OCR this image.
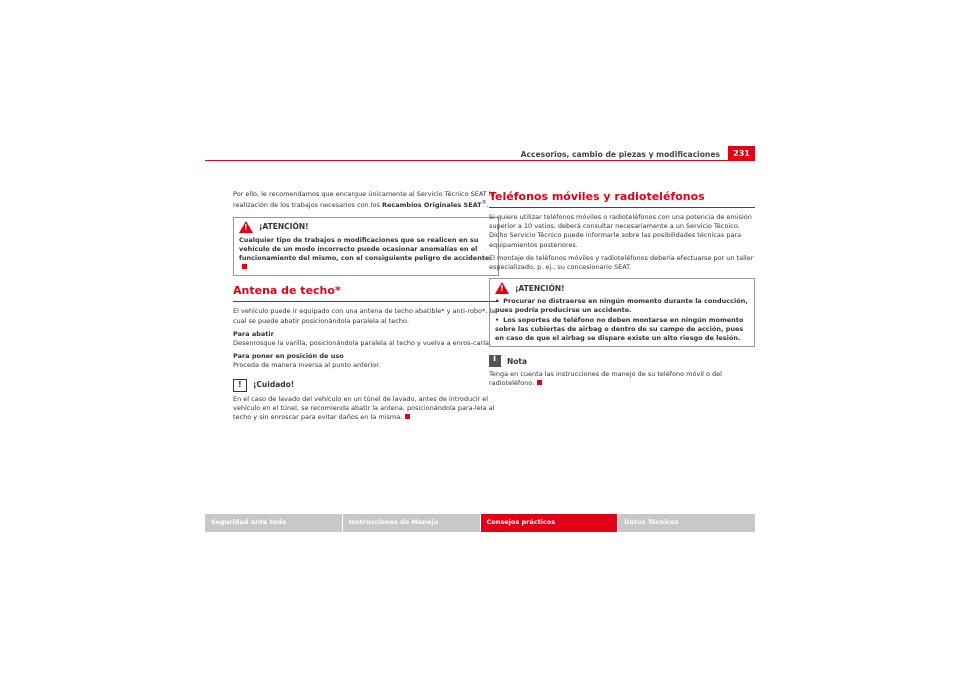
Accesorios, cambio de piezas y modificaciones	231

Por ello, le recomendamos que encargue únicamente al Servicio Técnico SEAT la realización de los trabajos necesarios con los Recambios Originales SEAT®.

!
¡ATENCIÓN!
Cualquier tipo de trabajos o modificaciones que se realicen en su vehículo de un modo incorrecto puede ocasionar anomalías en el funcionamiento del mismo, con el consiguiente peligro de accidente.
Antena de techo*

El vehículo puede ir equipado con una antena de techo abatible* y anti-robo*, la cual se puede abatir posicionándola paralela al techo.

Para abatir

Desenrosque la varilla, posicionándola paralela al techo y vuelva a enros-carla.

Para poner en posición de uso

Proceda de manera inversa al punto anterior.

!
¡Cuidado!

En el caso de lavado del vehículo en un túnel de lavado, antes de introducir el vehículo en el túnel, se recomienda abatir la antena, posicionándola para-lela al techo y sin enroscar para evitar daños en la misma.

Teléfonos móviles y radioteléfonos

Si quiere utilizar teléfonos móviles o radioteléfonos con una potencia de emisión superior a 10 vatios, deberá consultar necesariamente a un Servicio Técnico. Dicho Servicio Técnico puede informarle sobre las posibilidades técnicas para equipamientos posteriores.

El montaje de teléfonos móviles y radioteléfonos debería efectuarse por un taller especializado, p. ej., su concesionario SEAT.

!
¡ATENCIÓN!
• Procurar no distraerse en ningún momento durante la conducción, pues podría producirse un accidente.
• Los soportes de teléfono no deben montarse en ningún momento sobre las cubiertas de airbag o dentro de su campo de acción, pues en caso de que el airbag se dispare existe un alto riesgo de lesión.
i
Nota

Tenga en cuenta las instrucciones de manejo de su teléfono móvil o del radioteléfono.

Seguridad ante todo	Instrucciones de Manejo	Consejos prácticos	Datos Técnicos
